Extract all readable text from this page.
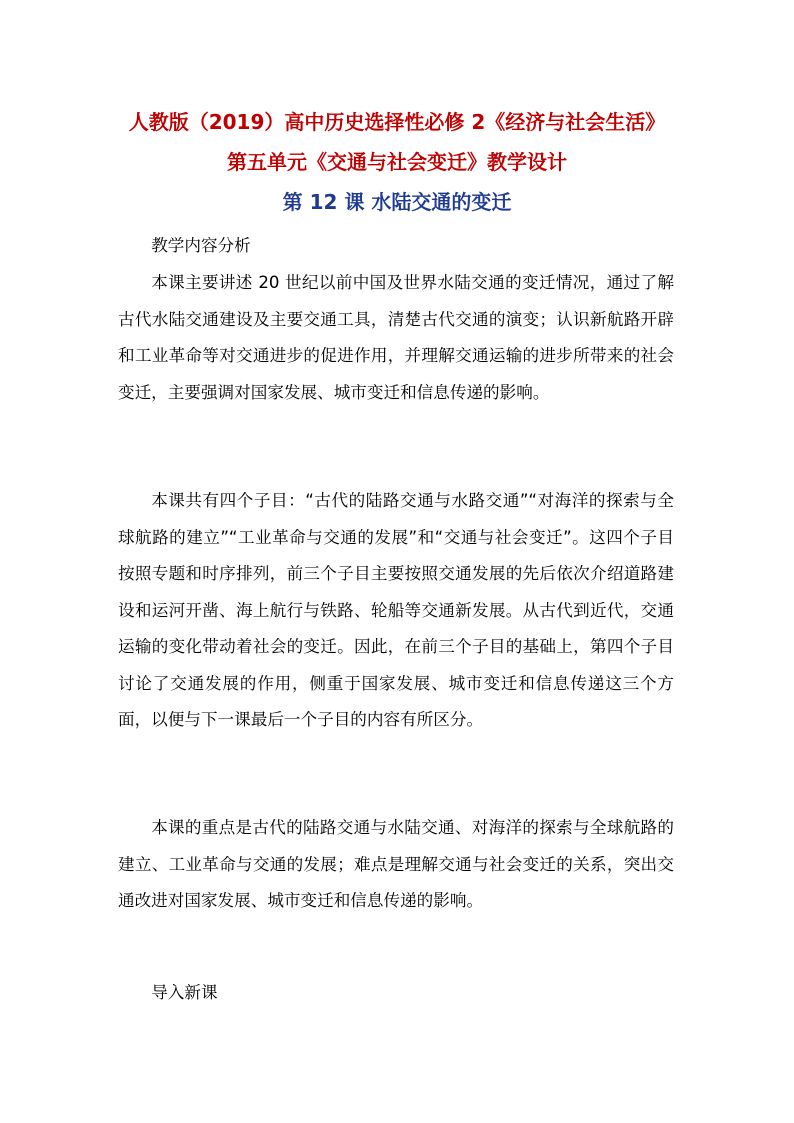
人教版（2019）高中历史选择性必修 2《经济与社会生活》
第五单元《交通与社会变迁》教学设计
第 12 课 水陆交通的变迁

教学内容分析

本课主要讲述 20 世纪以前中国及世界水陆交通的变迁情况，通过了解古代水陆交通建设及主要交通工具，清楚古代交通的演变；认识新航路开辟和工业革命等对交通进步的促进作用，并理解交通运输的进步所带来的社会变迁，主要强调对国家发展、城市变迁和信息传递的影响。

本课共有四个子目：“古代的陆路交通与水路交通”“对海洋的探索与全球航路的建立”“工业革命与交通的发展”和“交通与社会变迁”。这四个子目按照专题和时序排列，前三个子目主要按照交通发展的先后依次介绍道路建设和运河开凿、海上航行与铁路、轮船等交通新发展。从古代到近代，交通运输的变化带动着社会的变迁。因此，在前三个子目的基础上，第四个子目讨论了交通发展的作用，侧重于国家发展、城市变迁和信息传递这三个方面，以便与下一课最后一个子目的内容有所区分。

本课的重点是古代的陆路交通与水陆交通、对海洋的探索与全球航路的建立、工业革命与交通的发展；难点是理解交通与社会变迁的关系，突出交通改进对国家发展、城市变迁和信息传递的影响。

导入新课
